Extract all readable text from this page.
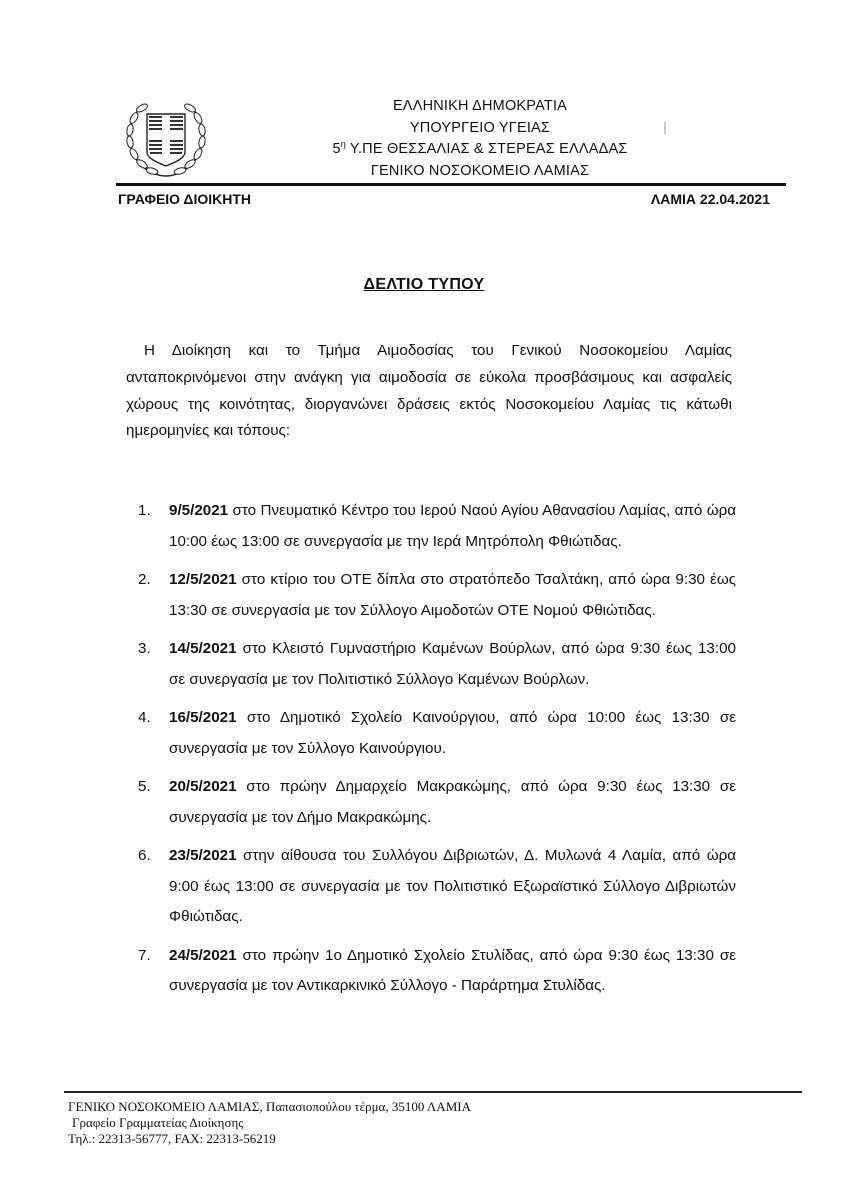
ΕΛΛΗΝΙΚΗ ΔΗΜΟΚΡΑΤΙΑ
ΥΠΟΥΡΓΕΙΟ ΥΓΕΙΑΣ
$5^\eta$ Υ.ΠΕ ΘΕΣΣΑΛΙΑΣ & ΣΤΕΡΕΑΣ ΕΛΛΑΔΑΣ
ΓΕΝΙΚΟ ΝΟΣΟΚΟΜΕΙΟ ΛΑΜΙΑΣ
ΓΡΑΦΕΙΟ ΔΙΟΙΚΗΤΗ	ΛΑΜΙΑ 22.04.2021
ΔΕΛΤΙΟ ΤΥΠΟΥ
Η Διοίκηση και το Τμήμα Αιμοδοσίας του Γενικού Νοσοκομείου Λαμίας ανταποκρινόμενοι στην ανάγκη για αιμοδοσία σε εύκολα προσβάσιμους και ασφαλείς χώρους της κοινότητας, διοργανώνει δράσεις εκτός Νοσοκομείου Λαμίας τις κάτωθι ημερομηνίες και τόπους:
1. 9/5/2021 στο Πνευματικό Κέντρο του Ιερού Ναού Αγίου Αθανασίου Λαμίας, από ώρα 10:00 έως 13:00 σε συνεργασία με την Ιερά Μητρόπολη Φθιώτιδας.
2. 12/5/2021 στο κτίριο του ΟΤΕ δίπλα στο στρατόπεδο Τσαλτάκη, από ώρα 9:30 έως 13:30 σε συνεργασία με τον Σύλλογο Αιμοδοτών ΟΤΕ Νομού Φθιώτιδας.
3. 14/5/2021 στο Κλειστό Γυμναστήριο Καμένων Βούρλων, από ώρα 9:30 έως 13:00 σε συνεργασία με τον Πολιτιστικό Σύλλογο Καμένων Βούρλων.
4. 16/5/2021 στο Δημοτικό Σχολείο Καινούργιου, από ώρα 10:00 έως 13:30 σε συνεργασία με τον Σύλλογο Καινούργιου.
5. 20/5/2021 στο πρώην Δημαρχείο Μακρακώμης, από ώρα 9:30 έως 13:30 σε συνεργασία με τον Δήμο Μακρακώμης.
6. 23/5/2021 στην αίθουσα του Συλλόγου Διβριωτών, Δ. Μυλωνά 4 Λαμία, από ώρα 9:00 έως 13:00 σε συνεργασία με τον Πολιτιστικό Εξωραϊστικό Σύλλογο Διβριωτών Φθιώτιδας.
7. 24/5/2021 στο πρώην 1ο Δημοτικό Σχολείο Στυλίδας, από ώρα 9:30 έως 13:30 σε συνεργασία με τον Αντικαρκινικό Σύλλογο - Παράρτημα Στυλίδας.
ΓΕΝΙΚΟ ΝΟΣΟΚΟΜΕΙΟ ΛΑΜΙΑΣ, Παπασιοπούλου τέρμα, 35100 ΛΑΜΙΑ
Γραφείο Γραμματείας Διοίκησης
Τηλ.: 22313-56777, FAX: 22313-56219
